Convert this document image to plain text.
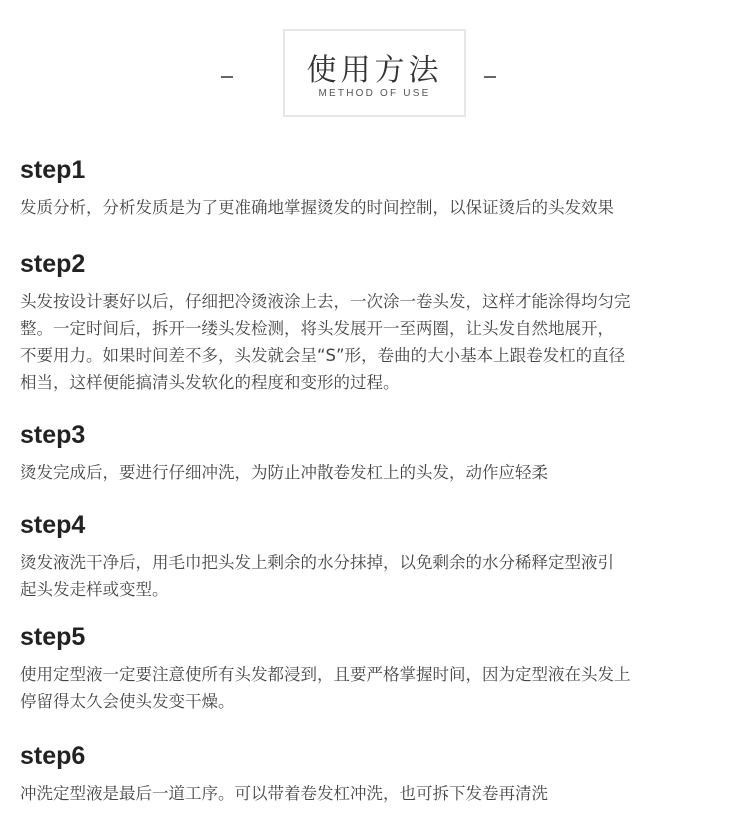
使用方法
METHOD OF USE
step1
发质分析，分析发质是为了更准确地掌握烫发的时间控制，以保证烫后的头发效果
step2
头发按设计裹好以后，仔细把冷烫液涂上去，一次涂一卷头发，这样才能涂得均匀完
整。一定时间后，拆开一缕头发检测，将头发展开一至两圈，让头发自然地展开，
不要用力。如果时间差不多，头发就会呈“S”形，卷曲的大小基本上跟卷发杠的直径
相当，这样便能搞清头发软化的程度和变形的过程。
step3
烫发完成后，要进行仔细冲洗，为防止冲散卷发杠上的头发，动作应轻柔
step4
烫发液洗干净后，用毛巾把头发上剩余的水分抹掉，以免剩余的水分稀释定型液引
起头发走样或变型。
step5
使用定型液一定要注意使所有头发都浸到，且要严格掌握时间，因为定型液在头发上
停留得太久会使头发变干燥。
step6
冲洗定型液是最后一道工序。可以带着卷发杠冲洗，也可拆下发卷再清洗
